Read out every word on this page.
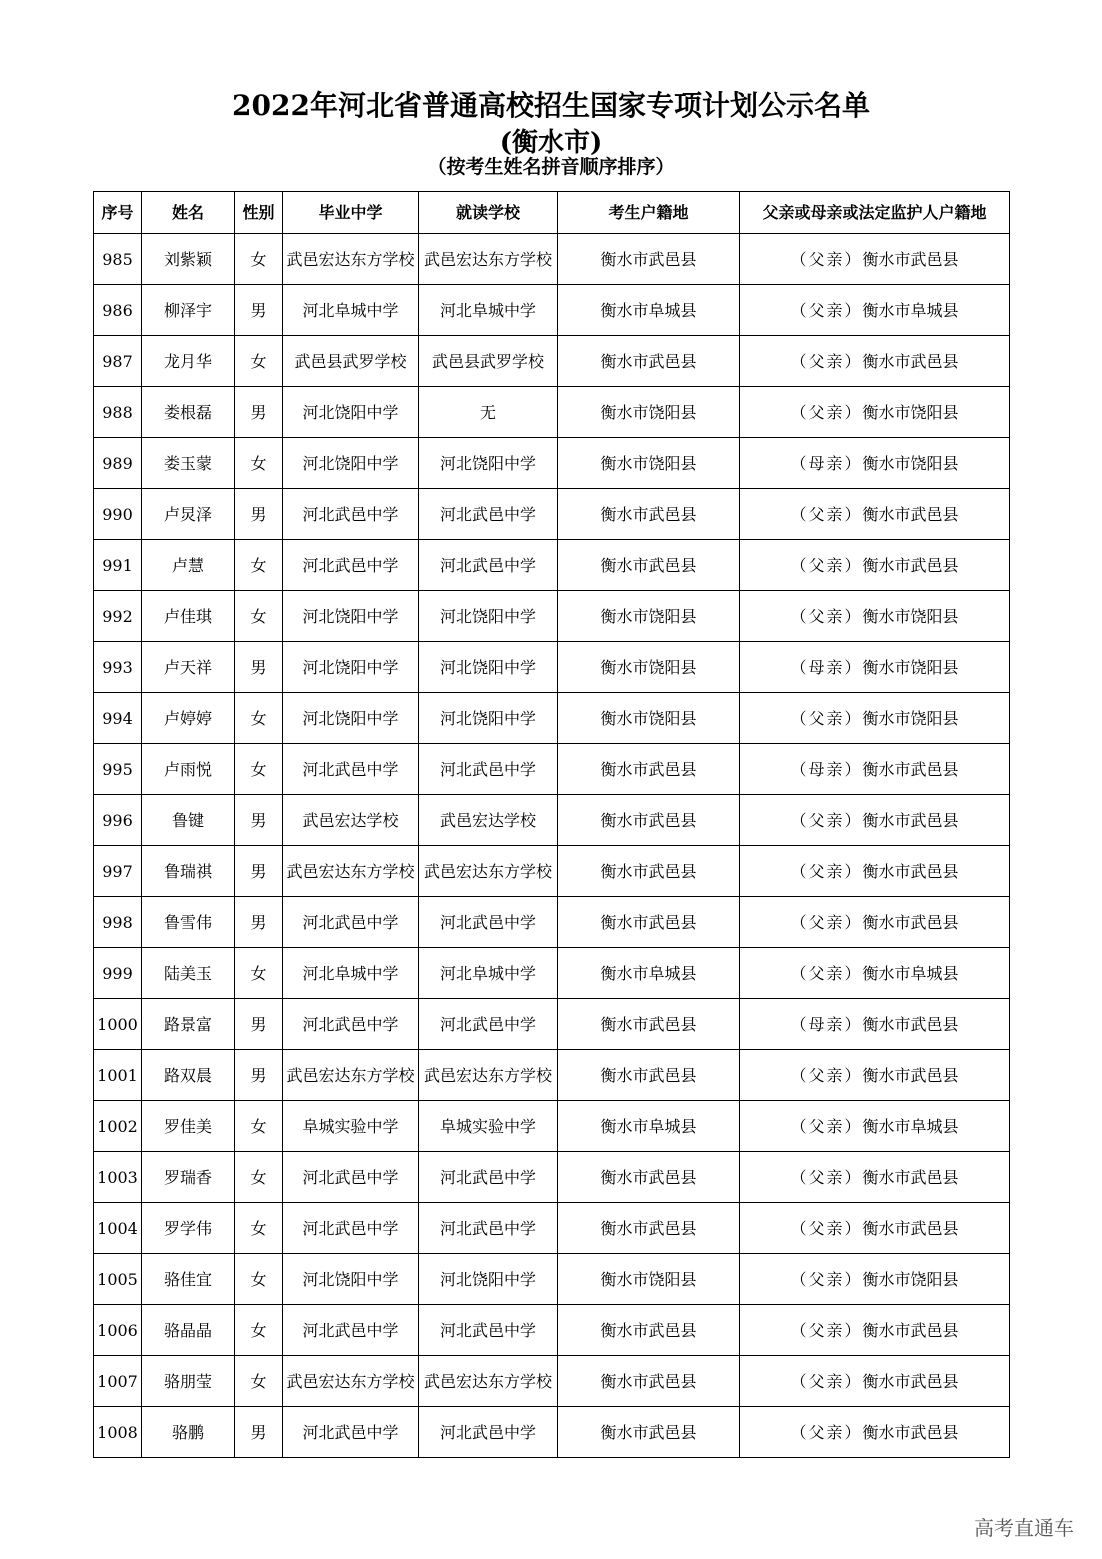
2022年河北省普通高校招生国家专项计划公示名单
(衡水市)
（按考生姓名拼音顺序排序）
序号	姓名	性别	毕业中学	就读学校	考生户籍地	父亲或母亲或法定监护人户籍地
985	刘紫颖	女	武邑宏达东方学校	武邑宏达东方学校	衡水市武邑县	（父亲）衡水市武邑县
986	柳泽宇	男	河北阜城中学	河北阜城中学	衡水市阜城县	（父亲）衡水市阜城县
987	龙月华	女	武邑县武罗学校	武邑县武罗学校	衡水市武邑县	（父亲）衡水市武邑县
988	娄根磊	男	河北饶阳中学	无	衡水市饶阳县	（父亲）衡水市饶阳县
989	娄玉蒙	女	河北饶阳中学	河北饶阳中学	衡水市饶阳县	（母亲）衡水市饶阳县
990	卢炅泽	男	河北武邑中学	河北武邑中学	衡水市武邑县	（父亲）衡水市武邑县
991	卢慧	女	河北武邑中学	河北武邑中学	衡水市武邑县	（父亲）衡水市武邑县
992	卢佳琪	女	河北饶阳中学	河北饶阳中学	衡水市饶阳县	（父亲）衡水市饶阳县
993	卢天祥	男	河北饶阳中学	河北饶阳中学	衡水市饶阳县	（母亲）衡水市饶阳县
994	卢婷婷	女	河北饶阳中学	河北饶阳中学	衡水市饶阳县	（父亲）衡水市饶阳县
995	卢雨悦	女	河北武邑中学	河北武邑中学	衡水市武邑县	（母亲）衡水市武邑县
996	鲁键	男	武邑宏达学校	武邑宏达学校	衡水市武邑县	（父亲）衡水市武邑县
997	鲁瑞祺	男	武邑宏达东方学校	武邑宏达东方学校	衡水市武邑县	（父亲）衡水市武邑县
998	鲁雪伟	男	河北武邑中学	河北武邑中学	衡水市武邑县	（父亲）衡水市武邑县
999	陆美玉	女	河北阜城中学	河北阜城中学	衡水市阜城县	（父亲）衡水市阜城县
1000	路景富	男	河北武邑中学	河北武邑中学	衡水市武邑县	（母亲）衡水市武邑县
1001	路双晨	男	武邑宏达东方学校	武邑宏达东方学校	衡水市武邑县	（父亲）衡水市武邑县
1002	罗佳美	女	阜城实验中学	阜城实验中学	衡水市阜城县	（父亲）衡水市阜城县
1003	罗瑞香	女	河北武邑中学	河北武邑中学	衡水市武邑县	（父亲）衡水市武邑县
1004	罗学伟	女	河北武邑中学	河北武邑中学	衡水市武邑县	（父亲）衡水市武邑县
1005	骆佳宜	女	河北饶阳中学	河北饶阳中学	衡水市饶阳县	（父亲）衡水市饶阳县
1006	骆晶晶	女	河北武邑中学	河北武邑中学	衡水市武邑县	（父亲）衡水市武邑县
1007	骆朋莹	女	武邑宏达东方学校	武邑宏达东方学校	衡水市武邑县	（父亲）衡水市武邑县
1008	骆鹏	男	河北武邑中学	河北武邑中学	衡水市武邑县	（父亲）衡水市武邑县
高考直通车
